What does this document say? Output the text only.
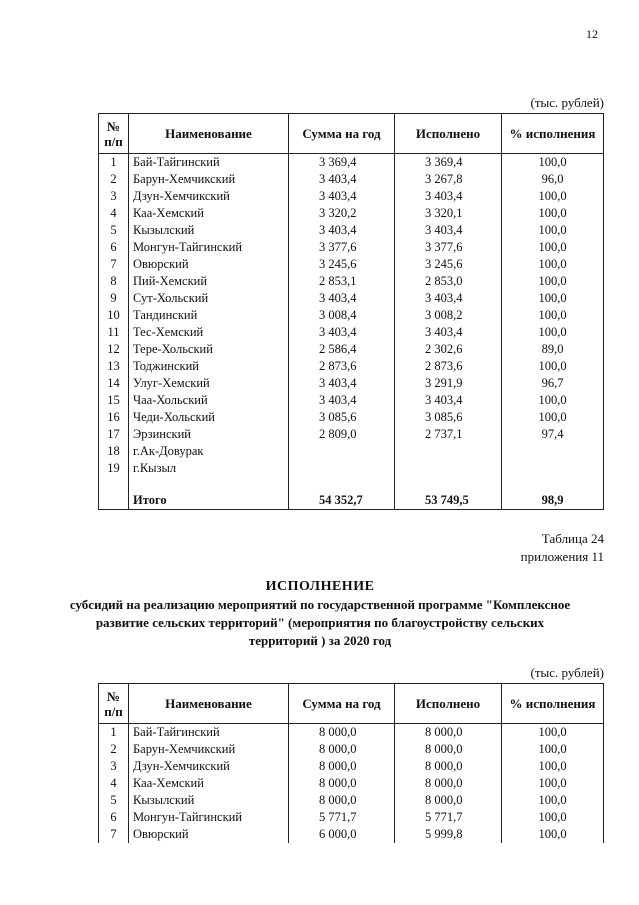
12
(тыс. рублей)
№
п/п	Наименование	Сумма на год	Исполнено	% исполнения
1	Бай-Тайгинский	3 369,4	3 369,4	100,0
2	Барун-Хемчикский	3 403,4	3 267,8	96,0
3	Дзун-Хемчикский	3 403,4	3 403,4	100,0
4	Каа-Хемский	3 320,2	3 320,1	100,0
5	Кызылский	3 403,4	3 403,4	100,0
6	Монгун-Тайгинский	3 377,6	3 377,6	100,0
7	Овюрский	3 245,6	3 245,6	100,0
8	Пий-Хемский	2 853,1	2 853,0	100,0
9	Сут-Хольский	3 403,4	3 403,4	100,0
10	Тандинский	3 008,4	3 008,2	100,0
11	Тес-Хемский	3 403,4	3 403,4	100,0
12	Тере-Хольский	2 586,4	2 302,6	89,0
13	Тоджинский	2 873,6	2 873,6	100,0
14	Улуг-Хемский	3 403,4	3 291,9	96,7
15	Чаа-Хольский	3 403,4	3 403,4	100,0
16	Чеди-Хольский	3 085,6	3 085,6	100,0
17	Эрзинский	2 809,0	2 737,1	97,4
18	г.Ак-Довурак			
19	г.Кызыл			
	Итого	54 352,7	53 749,5	98,9
Таблица 24
приложения 11
ИСПОЛНЕНИЕ
субсидий на реализацию мероприятий по государственной программе "Комплексное
развитие сельских территорий" (мероприятия по благоустройству сельских
территорий ) за 2020 год
(тыс. рублей)
№
п/п	Наименование	Сумма на год	Исполнено	% исполнения
1	Бай-Тайгинский	8 000,0	8 000,0	100,0
2	Барун-Хемчикский	8 000,0	8 000,0	100,0
3	Дзун-Хемчикский	8 000,0	8 000,0	100,0
4	Каа-Хемский	8 000,0	8 000,0	100,0
5	Кызылский	8 000,0	8 000,0	100,0
6	Монгун-Тайгинский	5 771,7	5 771,7	100,0
7	Овюрский	6 000,0	5 999,8	100,0
